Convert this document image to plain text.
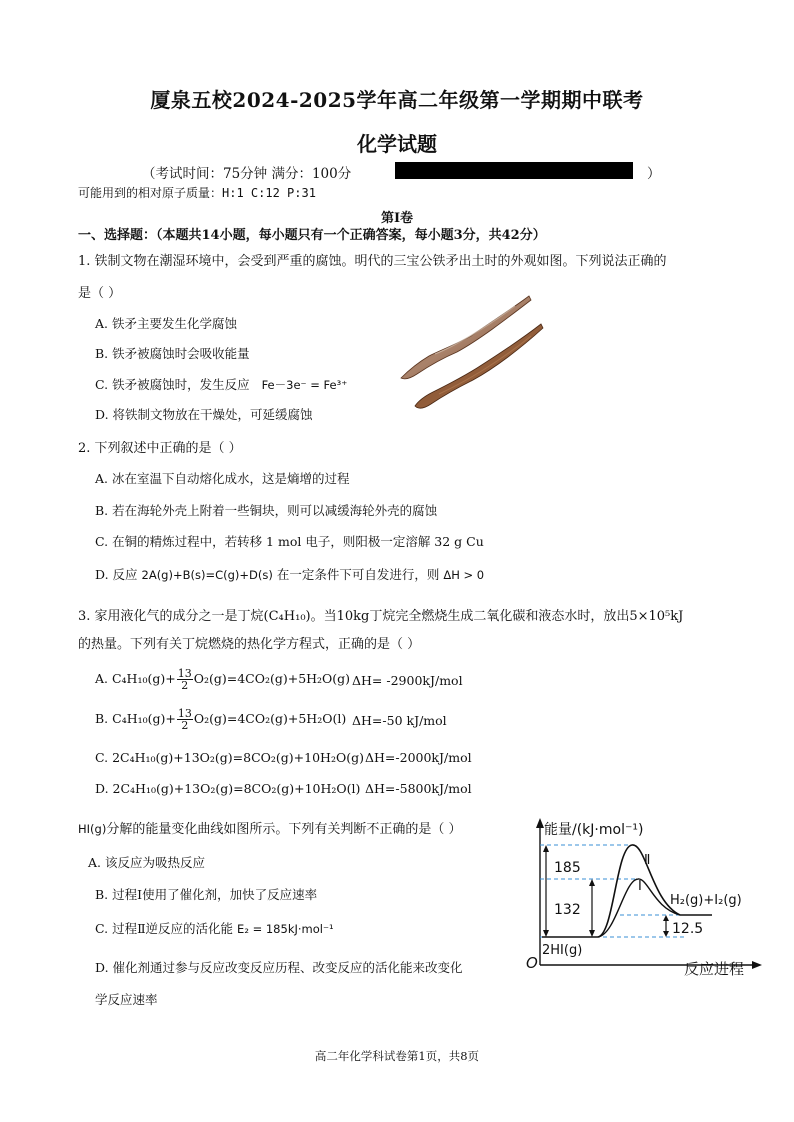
厦泉五校2024-2025学年高二年级第一学期期中联考
化学试题
（考试时间：75分钟 满分：100分	）
可能用到的相对原子质量：H:1 C:12 P:31
第Ⅰ卷
一、选择题：（本题共14小题，每小题只有一个正确答案，每小题3分，共42分）
1. 铁制文物在潮湿环境中，会受到严重的腐蚀。明代的三宝公铁矛出土时的外观如图。下列说法正确的
是（ ）
A. 铁矛主要发生化学腐蚀
B. 铁矛被腐蚀时会吸收能量
C. 铁矛被腐蚀时，发生反应 Fe－3e⁻ = Fe³⁺
D. 将铁制文物放在干燥处，可延缓腐蚀
2. 下列叙述中正确的是（ ）
A. 冰在室温下自动熔化成水，这是熵增的过程
B. 若在海轮外壳上附着一些铜块，则可以减缓海轮外壳的腐蚀
C. 在铜的精炼过程中，若转移 1 mol 电子，则阳极一定溶解 32 g Cu
D. 反应 2A(g)+B(s)=C(g)+D(s) 在一定条件下可自发进行，则 ΔH > 0
3. 家用液化气的成分之一是丁烷(C₄H₁₀)。当10kg丁烷完全燃烧生成二氧化碳和液态水时，放出5×10⁵kJ
的热量。下列有关丁烷燃烧的热化学方程式，正确的是（ ）
A. $C_4H_{10}(g)+ \frac{13}{2} O_2(g)=4CO_2(g)+5H_2O(g)$ ΔH= -2900kJ/mol
B. $C_4H_{10}(g)+ \frac{13}{2} O_2(g)=4CO_2(g)+5H_2O(l)$ ΔH=-50 kJ/mol
C. 2C₄H₁₀(g)+13O₂(g)=8CO₂(g)+10H₂O(g) ΔH=-2000kJ/mol
D. 2C₄H₁₀(g)+13O₂(g)=8CO₂(g)+10H₂O(l) ΔH=-5800kJ/mol
HI(g)分解的能量变化曲线如图所示。下列有关判断不正确的是（ ）
A. 该反应为吸热反应
B. 过程Ⅰ使用了催化剂，加快了反应速率
C. 过程Ⅱ逆反应的活化能 E₂ = 185kJ·mol⁻¹
D. 催化剂通过参与反应改变反应历程、改变反应的活化能来改变化
学反应速率
能量/(kJ·mol⁻¹)
反应进程
O
2HI(g)
Ⅱ
Ⅰ
H₂(g)+I₂(g)
185
132
12.5
高二年化学科试卷第1页，共8页
